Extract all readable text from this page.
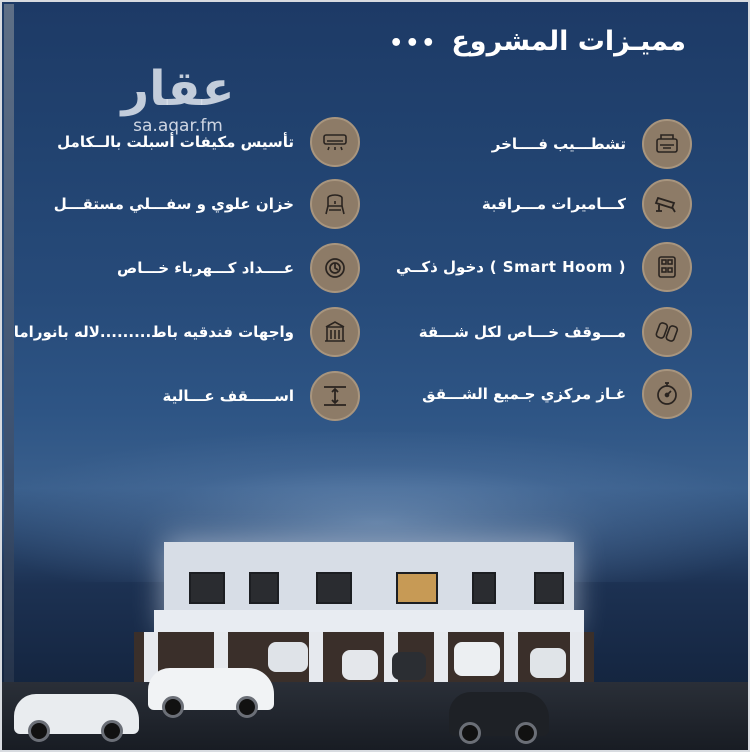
مميـزات المشروع
•••
عقار
sa.aqar.fm
تشطـــيب فــــاخر
كـــاميرات مـــراقبة
( Smart Hoom ) دخول ذكــي
مـــوقف خـــاص لكل شـــقة
غـاز مركزي جـميع الشـــقق
تأسيس مكيفات أسبلت بالــكامل
خزان علوي و سفـــلي مستقـــل
عــــداد كـــهرباء خـــاص
واجهات فندقيه باط.........لاله بانوراما
اســـــقف عـــالية
